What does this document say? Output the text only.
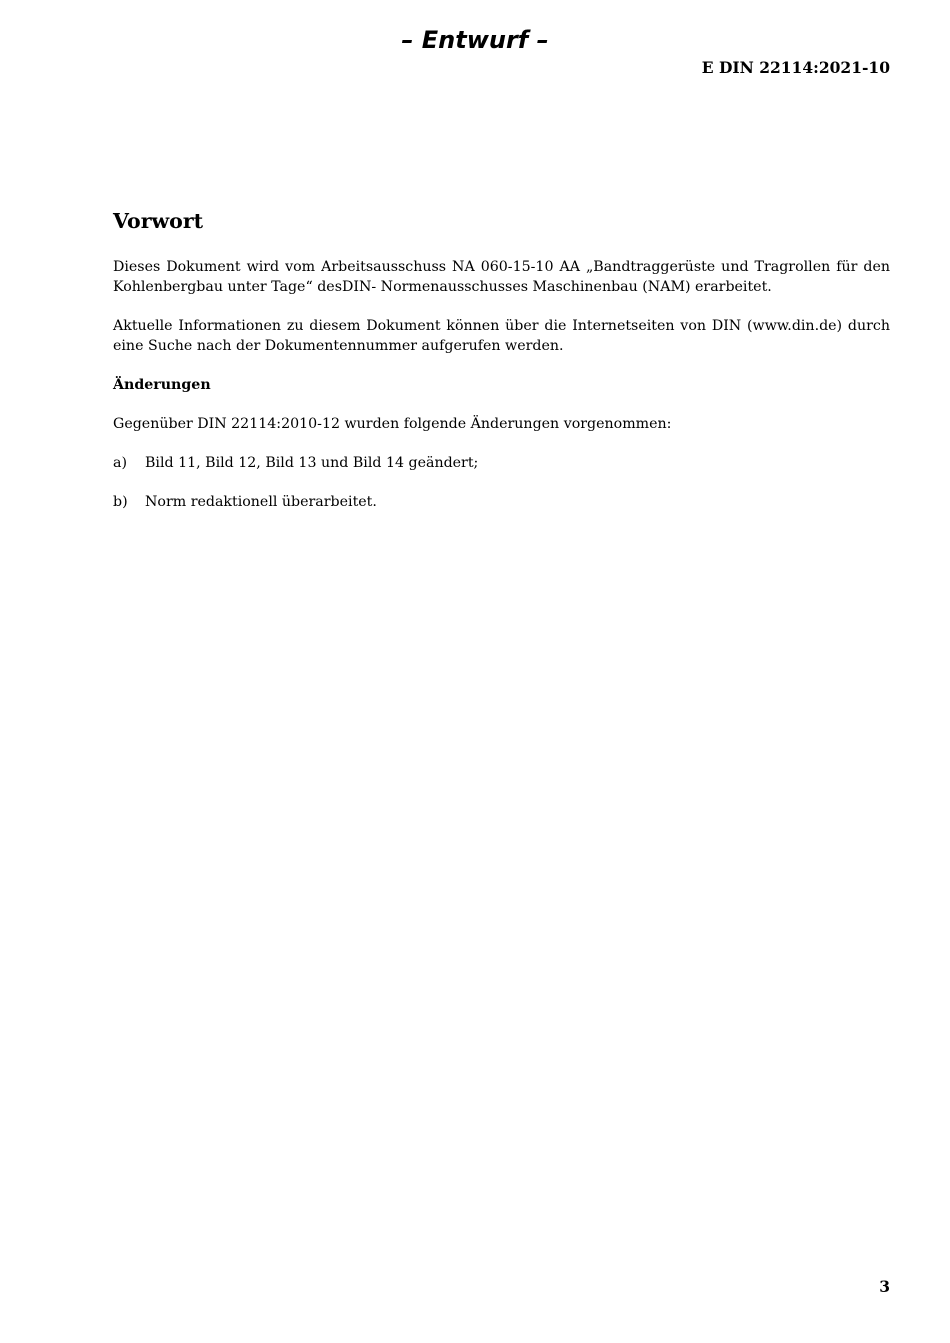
– Entwurf –
E DIN 22114:2021-10
Vorwort

Dieses Dokument wird vom Arbeitsausschuss NA 060-15-10 AA „Bandtraggerüste und Tragrollen für den Kohlenbergbau unter Tage“ desDIN- Normenausschusses Maschinenbau (NAM) erarbeitet.

Aktuelle Informationen zu diesem Dokument können über die Internetseiten von DIN (www.din.de) durch eine Suche nach der Dokumentennummer aufgerufen werden.

Änderungen

Gegenüber DIN 22114:2010-12 wurden folgende Änderungen vorgenommen:

a)	Bild 11, Bild 12, Bild 13 und Bild 14 geändert;
b)	Norm redaktionell überarbeitet.
3
